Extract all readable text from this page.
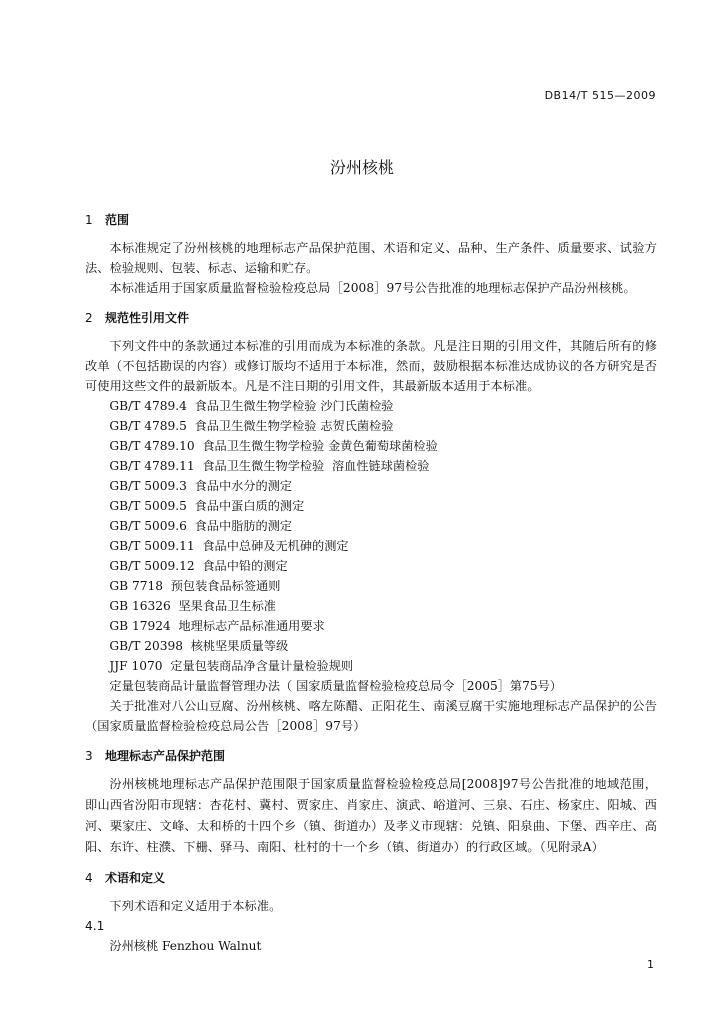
DB14/T 515—2009
汾州核桃
1 范围

本标准规定了汾州核桃的地理标志产品保护范围、术语和定义、品种、生产条件、质量要求、试验方法、检验规则、包装、标志、运输和贮存。

本标准适用于国家质量监督检验检疫总局［2008］97号公告批准的地理标志保护产品汾州核桃。

2 规范性引用文件

下列文件中的条款通过本标准的引用而成为本标准的条款。凡是注日期的引用文件，其随后所有的修改单（不包括勘误的内容）或修订版均不适用于本标准，然而，鼓励根据本标准达成协议的各方研究是否可使用这些文件的最新版本。凡是不注日期的引用文件，其最新版本适用于本标准。

GB/T 4789.4  食品卫生微生物学检验 沙门氏菌检验

GB/T 4789.5  食品卫生微生物学检验 志贺氏菌检验

GB/T 4789.10  食品卫生微生物学检验 金黄色葡萄球菌检验

GB/T 4789.11  食品卫生微生物学检验  溶血性链球菌检验

GB/T 5009.3  食品中水分的测定

GB/T 5009.5  食品中蛋白质的测定

GB/T 5009.6  食品中脂肪的测定

GB/T 5009.11  食品中总砷及无机砷的测定

GB/T 5009.12  食品中铅的测定

GB 7718  预包装食品标签通则

GB 16326  坚果食品卫生标准

GB 17924  地理标志产品标准通用要求

GB/T 20398  核桃坚果质量等级

JJF 1070  定量包装商品净含量计量检验规则

定量包装商品计量监督管理办法（ 国家质量监督检验检疫总局令［2005］第75号）

关于批准对八公山豆腐、汾州核桃、喀左陈醋、正阳花生、南溪豆腐干实施地理标志产品保护的公告（国家质量监督检验检疫总局公告［2008］97号）

3 地理标志产品保护范围

汾州核桃地理标志产品保护范围限于国家质量监督检验检疫总局[2008]97号公告批准的地域范围，即山西省汾阳市现辖：杏花村、冀村、贾家庄、肖家庄、演武、峪道河、三泉、石庄、杨家庄、阳城、西河、栗家庄、文峰、太和桥的十四个乡（镇、街道办）及孝义市现辖：兑镇、阳泉曲、下堡、西辛庄、高阳、东许、柱濮、下栅、驿马、南阳、杜村的十一个乡（镇、街道办）的行政区域。（见附录A）

4 术语和定义

下列术语和定义适用于本标准。

4.1

汾州核桃 Fenzhou Walnut

1
